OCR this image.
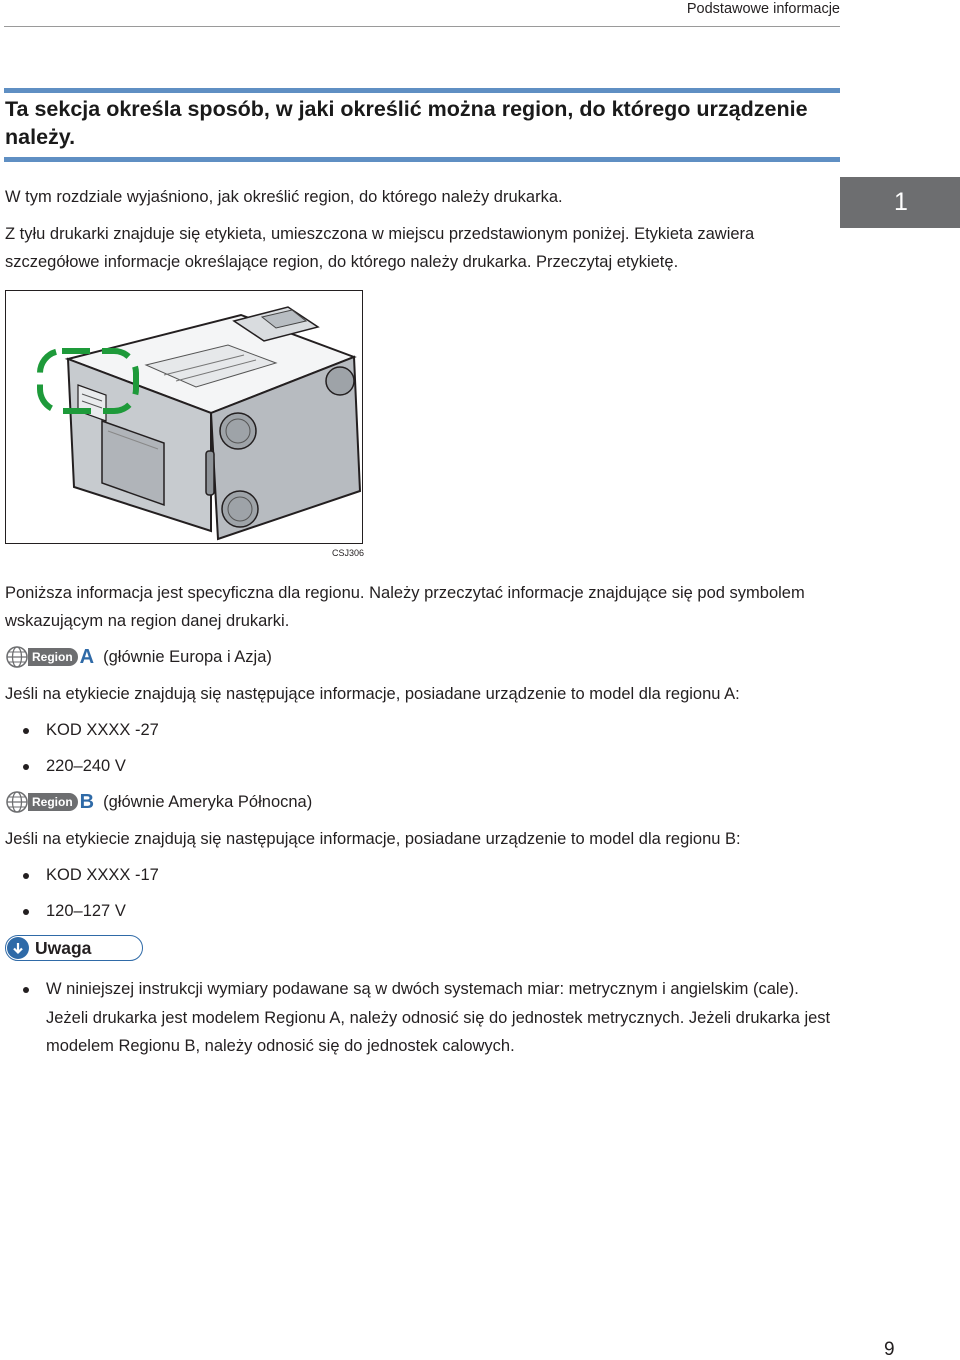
Podstawowe informacje
Ta sekcja określa sposób, w jaki określić można region, do którego urządzenie należy.
1

W tym rozdziale wyjaśniono, jak określić region, do którego należy drukarka.

Z tyłu drukarki znajduje się etykieta, umieszczona w miejscu przedstawionym poniżej. Etykieta zawiera szczegółowe informacje określające region, do którego należy drukarka. Przeczytaj etykietę.

CSJ306

Poniższa informacja jest specyficzna dla regionu. Należy przeczytać informacje znajdujące się pod symbolem wskazującym na region danej drukarki.

Region A (głównie Europa i Azja)

Jeśli na etykiecie znajdują się następujące informacje, posiadane urządzenie to model dla regionu A:

KOD XXXX -27
220–240 V
Region B (głównie Ameryka Północna)

Jeśli na etykiecie znajdują się następujące informacje, posiadane urządzenie to model dla regionu B:

KOD XXXX -17
120–127 V
Uwaga
W niniejszej instrukcji wymiary podawane są w dwóch systemach miar: metrycznym i angielskim (cale). Jeżeli drukarka jest modelem Regionu A, należy odnosić się do jednostek metrycznych. Jeżeli drukarka jest modelem Regionu B, należy odnosić się do jednostek calowych.
9
